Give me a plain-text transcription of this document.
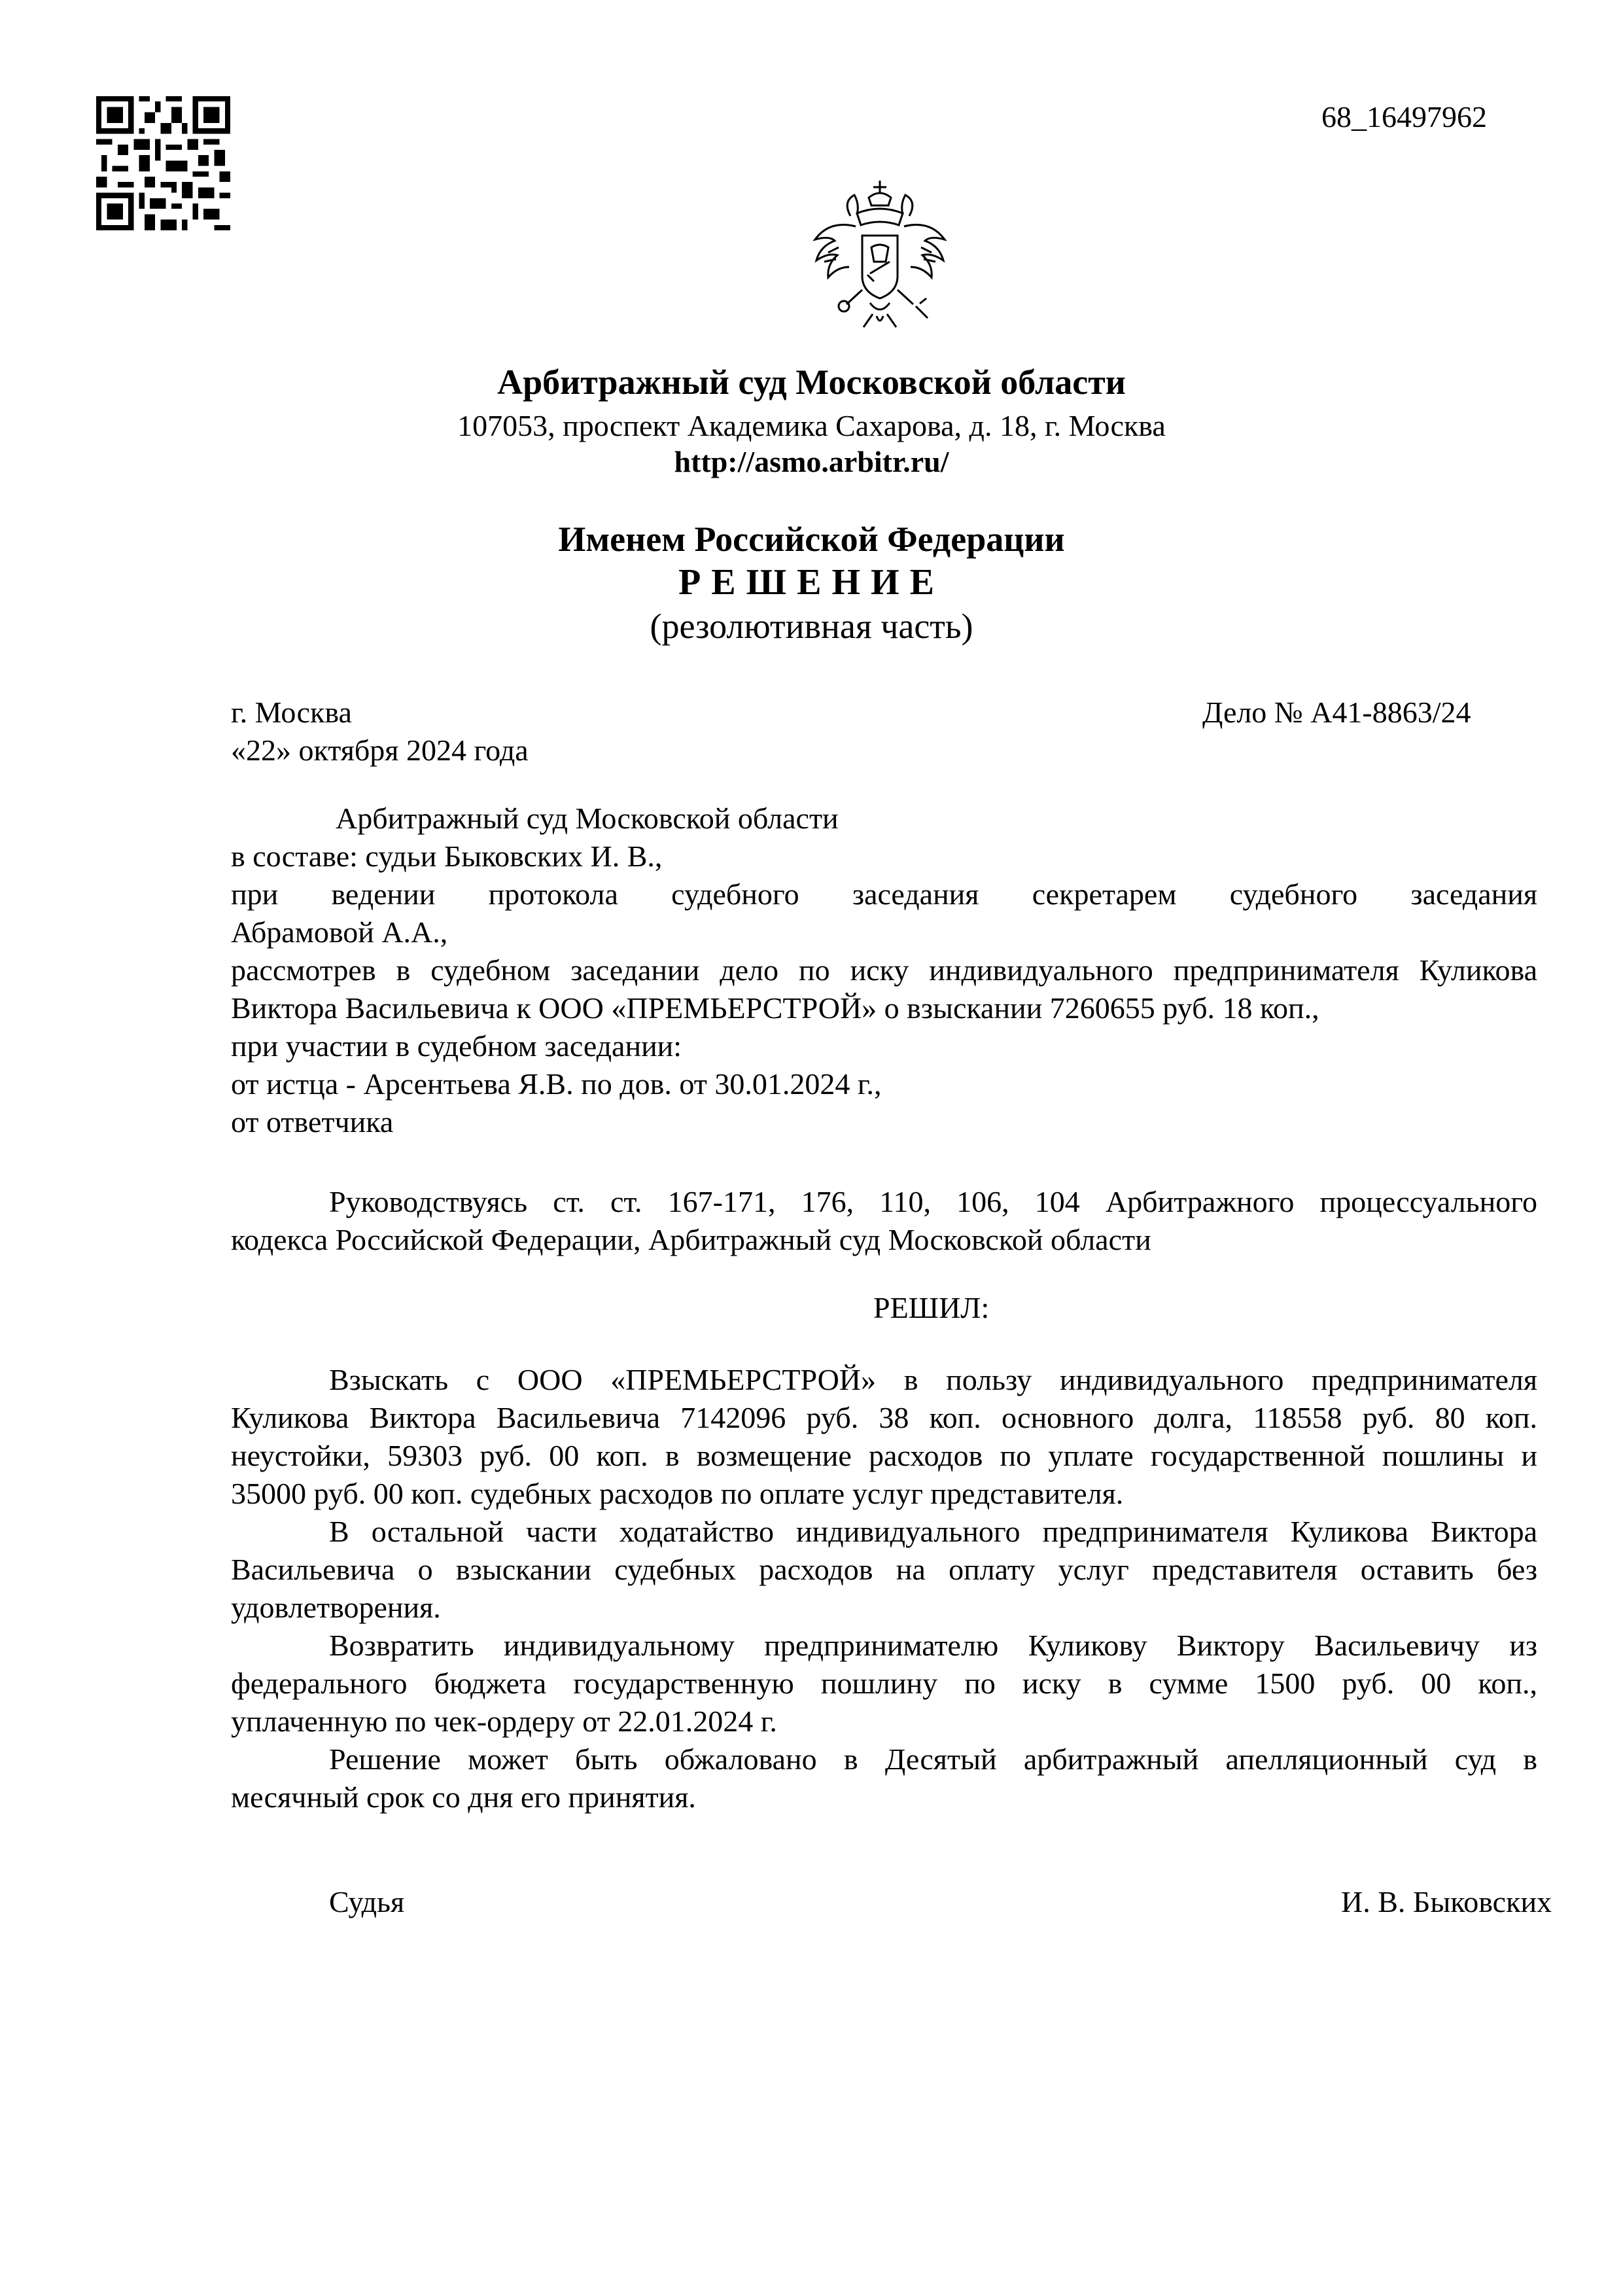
68_16497962
Арбитражный суд Московской области
107053, проспект Академика Сахарова, д. 18, г. Москва
http://asmo.arbitr.ru/
Именем Российской Федерации
РЕШЕНИЕ
(резолютивная часть)
г. Москва
«22» октября 2024 года
Дело № А41-8863/24
Арбитражный суд Московской области
в составе: судьи Быковских И. В.,
при ведении протокола судебного заседания секретарем судебного заседания
Абрамовой А.А.,
рассмотрев в судебном заседании дело по иску индивидуального предпринимателя Куликова
Виктора Васильевича к ООО «ПРЕМЬЕРСТРОЙ» о взыскании 7260655 руб. 18 коп.,
при участии в судебном заседании:
от истца - Арсентьева Я.В. по дов. от 30.01.2024 г.,
от ответчика
Руководствуясь ст. ст. 167-171, 176, 110, 106, 104 Арбитражного процессуального
кодекса Российской Федерации, Арбитражный суд Московской области
РЕШИЛ:
Взыскать с ООО «ПРЕМЬЕРСТРОЙ» в пользу индивидуального предпринимателя
Куликова Виктора Васильевича 7142096 руб. 38 коп. основного долга, 118558 руб. 80 коп.
неустойки, 59303 руб. 00 коп. в возмещение расходов по уплате государственной пошлины и
35000 руб. 00 коп. судебных расходов по оплате услуг представителя.
В остальной части ходатайство индивидуального предпринимателя Куликова Виктора
Васильевича о взыскании судебных расходов на оплату услуг представителя оставить без
удовлетворения.
Возвратить индивидуальному предпринимателю Куликову Виктору Васильевичу из
федерального бюджета государственную пошлину по иску в сумме 1500 руб. 00 коп.,
уплаченную по чек-ордеру от 22.01.2024 г.
Решение может быть обжаловано в Десятый арбитражный апелляционный суд в
месячный срок со дня его принятия.
Судья	И. В. Быковских
